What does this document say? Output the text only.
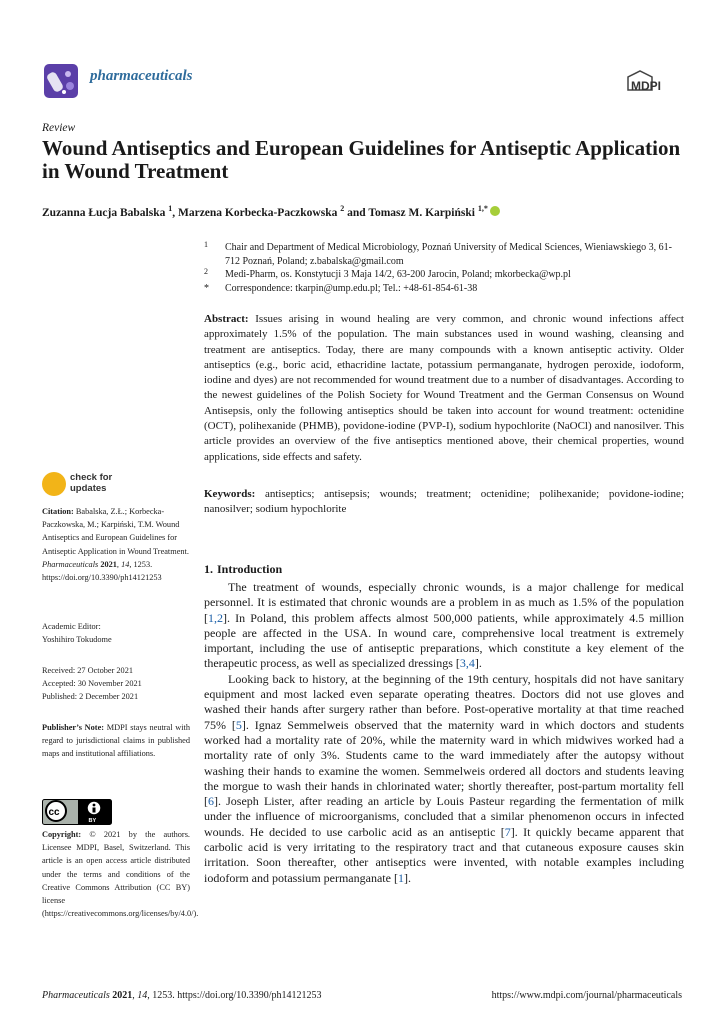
pharmaceuticals
MDPI
Review
Wound Antiseptics and European Guidelines for Antiseptic Application in Wound Treatment
Zuzanna Łucja Babalska $^1$, Marzena Korbecka-Paczkowska $^2$ and Tomasz M. Karpiński $^{1,*}$
1 Chair and Department of Medical Microbiology, Poznań University of Medical Sciences, Wieniawskiego 3, 61-712 Poznań, Poland; z.babalska@gmail.com
2 Medi-Pharm, os. Konstytucji 3 Maja 14/2, 63-200 Jarocin, Poland; mkorbecka@wp.pl
* Correspondence: tkarpin@ump.edu.pl; Tel.: +48-61-854-61-38

Abstract: Issues arising in wound healing are very common, and chronic wound infections affect approximately 1.5% of the population. The main substances used in wound washing, cleansing and treatment are antiseptics. Today, there are many compounds with a known antiseptic activity. Older antiseptics (e.g., boric acid, ethacridine lactate, potassium permanganate, hydrogen peroxide, iodoform, iodine and dyes) are not recommended for wound treatment due to a number of disadvantages. According to the newest guidelines of the Polish Society for Wound Treatment and the German Consensus on Wound Antisepsis, only the following antiseptics should be taken into account for wound treatment: octenidine (OCT), polihexanide (PHMB), povidone-iodine (PVP-I), sodium hypochlorite (NaOCl) and nanosilver. This article provides an overview of the five antiseptics mentioned above, their chemical properties, wound applications, side effects and safety.

Keywords: antiseptics; antisepsis; wounds; treatment; octenidine; polihexanide; povidone-iodine; nanosilver; sodium hypochlorite

check for
updates
Citation: Babalska, Z.Ł.; Korbecka-Paczkowska, M.; Karpiński, T.M. Wound Antiseptics and European Guidelines for Antiseptic Application in Wound Treatment. Pharmaceuticals 2021, 14, 1253. https://doi.org/10.3390/ph14121253
Academic Editor:
Yoshihiro Tokudome
Received: 27 October 2021
Accepted: 30 November 2021
Published: 2 December 2021
Publisher’s Note: MDPI stays neutral with regard to jurisdictional claims in published maps and institutional affiliations.
cc
BY
Copyright: © 2021 by the authors. Licensee MDPI, Basel, Switzerland. This article is an open access article distributed under the terms and conditions of the Creative Commons Attribution (CC BY) license (https://creativecommons.org/licenses/by/4.0/).
1. Introduction

The treatment of wounds, especially chronic wounds, is a major challenge for medical personnel. It is estimated that chronic wounds are a problem in as much as 1.5% of the population [1,2]. In Poland, this problem affects almost 500,000 patients, while approximately 4.5 million people are affected in the USA. In wound care, comprehensive local treatment is extremely important, including the use of antiseptic preparations, which constitute a key element of the therapeutic process, as well as specialized dressings [3,4].

Looking back to history, at the beginning of the 19th century, hospitals did not have sanitary equipment and most lacked even separate operating theatres. Doctors did not use gloves and washed their hands after surgery rather than before. Post-operative mortality at that time reached 75% [5]. Ignaz Semmelweis observed that the maternity ward in which doctors and students worked had a mortality rate of 20%, while the maternity ward in which midwives worked had a mortality rate of only 3%. Students came to the ward immediately after the autopsy without washing their hands to examine the women. Semmelweis ordered all doctors and students leaving the morgue to wash their hands in chlorinated water; shortly thereafter, post-partum mortality fell [6]. Joseph Lister, after reading an article by Louis Pasteur regarding the fermentation of milk under the influence of microorganisms, concluded that a similar phenomenon occurs in infected wounds. He decided to use carbolic acid as an antiseptic [7]. It quickly became apparent that carbolic acid is very irritating to the respiratory tract and that cutaneous exposure causes skin irritation. Soon thereafter, other antiseptics were invented, with notable examples including iodoform and potassium permanganate [1].

Pharmaceuticals 2021, 14, 1253. https://doi.org/10.3390/ph14121253	https://www.mdpi.com/journal/pharmaceuticals
